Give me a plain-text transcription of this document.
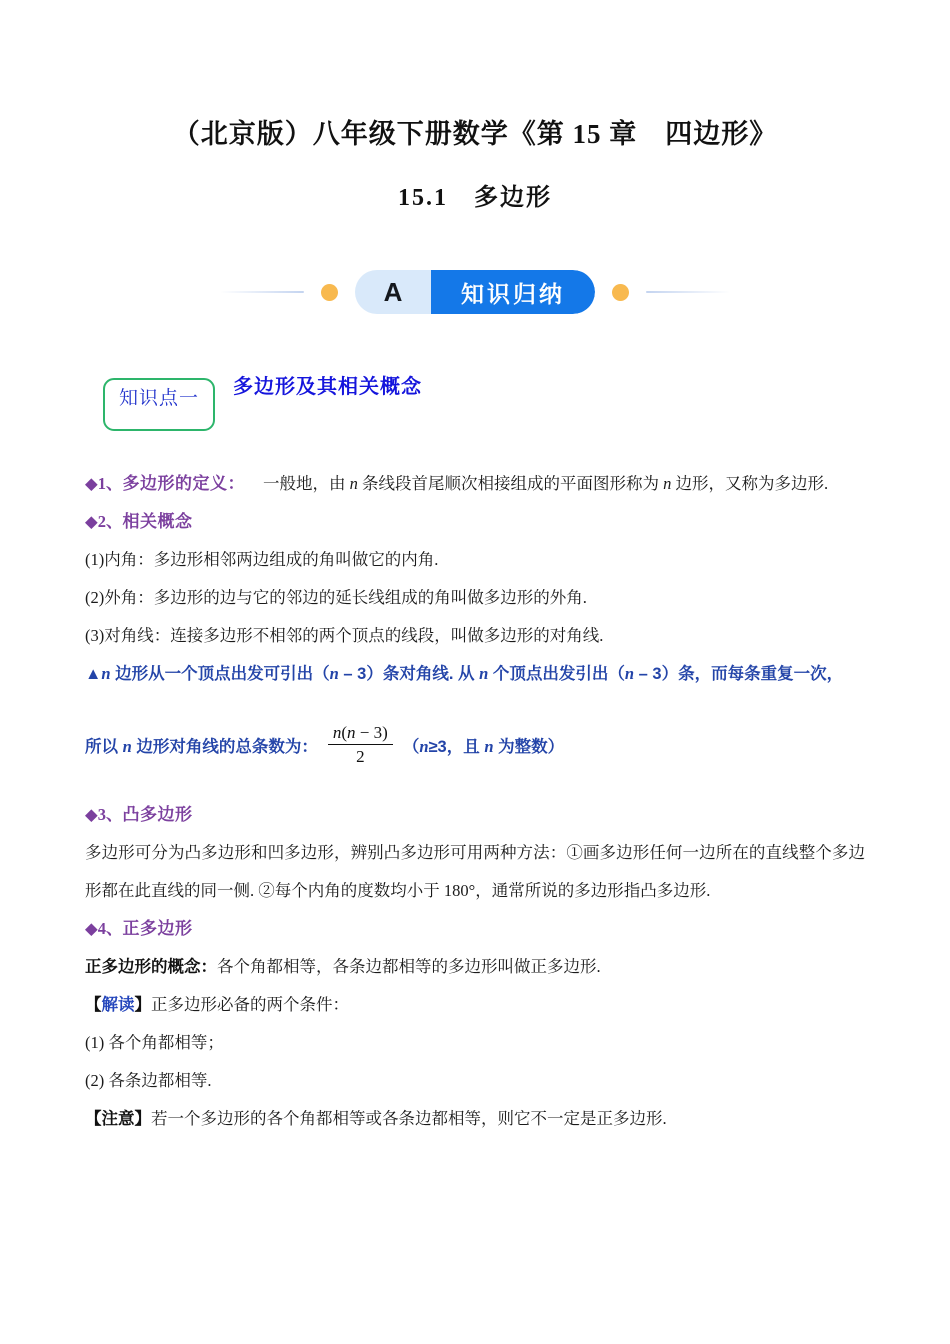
（北京版）八年级下册数学《第 15 章　四边形》
15.1　多边形
A	知识归纳
知识点一
多边形及其相关概念

◆1、多边形的定义： 一般地，由 n 条线段首尾顺次相接组成的平面图形称为 n 边形，又称为多边形.

◆2、相关概念

(1)内角：多边形相邻两边组成的角叫做它的内角.

(2)外角：多边形的边与它的邻边的延长线组成的角叫做多边形的外角.

(3)对角线：连接多边形不相邻的两个顶点的线段，叫做多边形的对角线.

▲n 边形从一个顶点出发可引出（n – 3）条对角线. 从 n 个顶点出发引出（n – 3）条，而每条重复一次，

所以 n 边形对角线的总条数为： $\frac{n(n - 3)}{2} (n\ge 3$，且 n 为整数）

◆3、凸多边形

多边形可分为凸多边形和凹多边形，辨别凸多边形可用两种方法：①画多边形任何一边所在的直线整个多边形都在此直线的同一侧. ②每个内角的度数均小于 180°，通常所说的多边形指凸多边形.

◆4、正多边形

正多边形的概念：各个角都相等，各条边都相等的多边形叫做正多边形.

【解读】正多边形必备的两个条件：

(1) 各个角都相等；

(2) 各条边都相等.

【注意】若一个多边形的各个角都相等或各条边都相等，则它不一定是正多边形.
